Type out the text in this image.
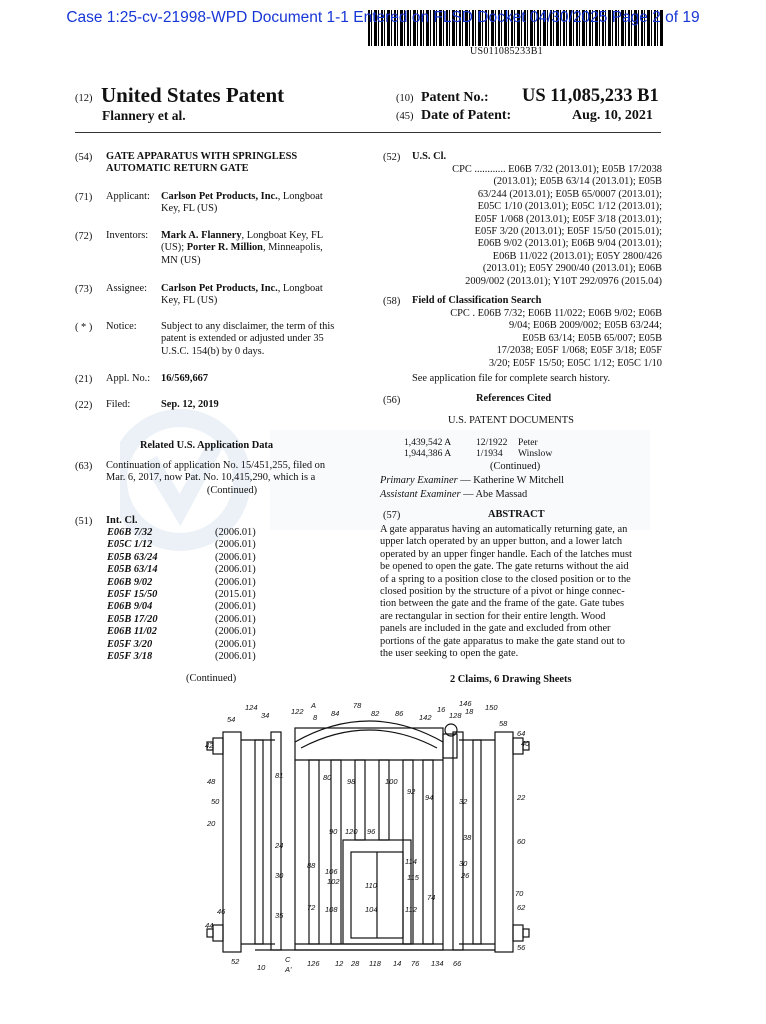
Case 1:25-cv-21998-WPD Document 1-1 Entered on FLSD Docket 04/30/2025 Page 2 of 19
US011085233B1
(12) United States Patent
Flannery et al.
(10) Patent No.: US 11,085,233 B1
(45) Date of Patent:	Aug. 10, 2021
(54) GATE APPARATUS WITH SPRINGLESS
AUTOMATIC RETURN GATE
(71) Applicant: Carlson Pet Products, Inc., Longboat
Key, FL (US)
(72) Inventors: Mark A. Flannery, Longboat Key, FL
(US); Porter R. Million, Minneapolis,
MN (US)
(73) Assignee: Carlson Pet Products, Inc., Longboat
Key, FL (US)
( * ) Notice: Subject to any disclaimer, the term of this
patent is extended or adjusted under 35
U.S.C. 154(b) by 0 days.
(21) Appl. No.: 16/569,667
(22) Filed:	Sep. 12, 2019
Related U.S. Application Data
(63) Continuation of application No. 15/451,255, filed on
Mar. 6, 2017, now Pat. No. 10,415,290, which is a
(Continued)
(51) Int. Cl.
E06B 7/32	(2006.01)
E05C 1/12	(2006.01)
E05B 63/24	(2006.01)
E05B 63/14	(2006.01)
E06B 9/02	(2006.01)
E05F 15/50	(2015.01)
E06B 9/04	(2006.01)
E05B 17/20	(2006.01)
E06B 11/02	(2006.01)
E05F 3/20	(2006.01)
E05F 3/18	(2006.01)
(Continued)
(52) U.S. Cl.
CPC ............ E06B 7/32 (2013.01); E05B 17/2038
(2013.01); E05B 63/14 (2013.01); E05B
63/244 (2013.01); E05B 65/0007 (2013.01);
E05C 1/10 (2013.01); E05C 1/12 (2013.01);
E05F 1/068 (2013.01); E05F 3/18 (2013.01);
E05F 3/20 (2013.01); E05F 15/50 (2015.01);
E06B 9/02 (2013.01); E06B 9/04 (2013.01);
E06B 11/022 (2013.01); E05Y 2800/426
(2013.01); E05Y 2900/40 (2013.01); E06B
2009/002 (2013.01); Y10T 292/0976 (2015.04)
(58) Field of Classification Search
CPC . E06B 7/32; E06B 11/022; E06B 9/02; E06B
9/04; E06B 2009/002; E05B 63/244;
E05B 63/14; E05B 65/007; E05B
17/2038; E05F 1/068; E05F 3/18; E05F
3/20; E05F 15/50; E05C 1/12; E05C 1/10
See application file for complete search history.
(56)	References Cited
U.S. PATENT DOCUMENTS
1,439,542 A	12/1922 Peter
1,944,386 A	1/1934 Winslow
(Continued)
Primary Examiner — Katherine W Mitchell
Assistant Examiner — Abe Massad
(57)	ABSTRACT
A gate apparatus having an automatically returning gate, an
upper latch operated by an upper button, and a lower latch
operated by an upper finger handle. Each of the latches must
be opened to open the gate. The gate returns without the aid
of a spring to a position close to the closed position or to the
closed position by the structure of a pivot or hinge connec-
tion between the gate and the frame of the gate. Gate tubes
are rectangular in section for their entire length. Wood
panels are included in the gate and excluded from other
portions of the gate apparatus to make the gate stand out to
the user seeking to open the gate.
2 Claims, 6 Drawing Sheets
124
34	122
A
8 84
78
82 86 142
16
128 18
146 150
58
54
64
40
42
48
50
20
81	80 98	100
92
94	32	22
60
38
24
30
30
88
106
102	110
114
115	26
90 120 96
112
74
46
44
35
72 108	104
70
62
56
52
10
C
A'
126 12 28 118 14 76 134 66
